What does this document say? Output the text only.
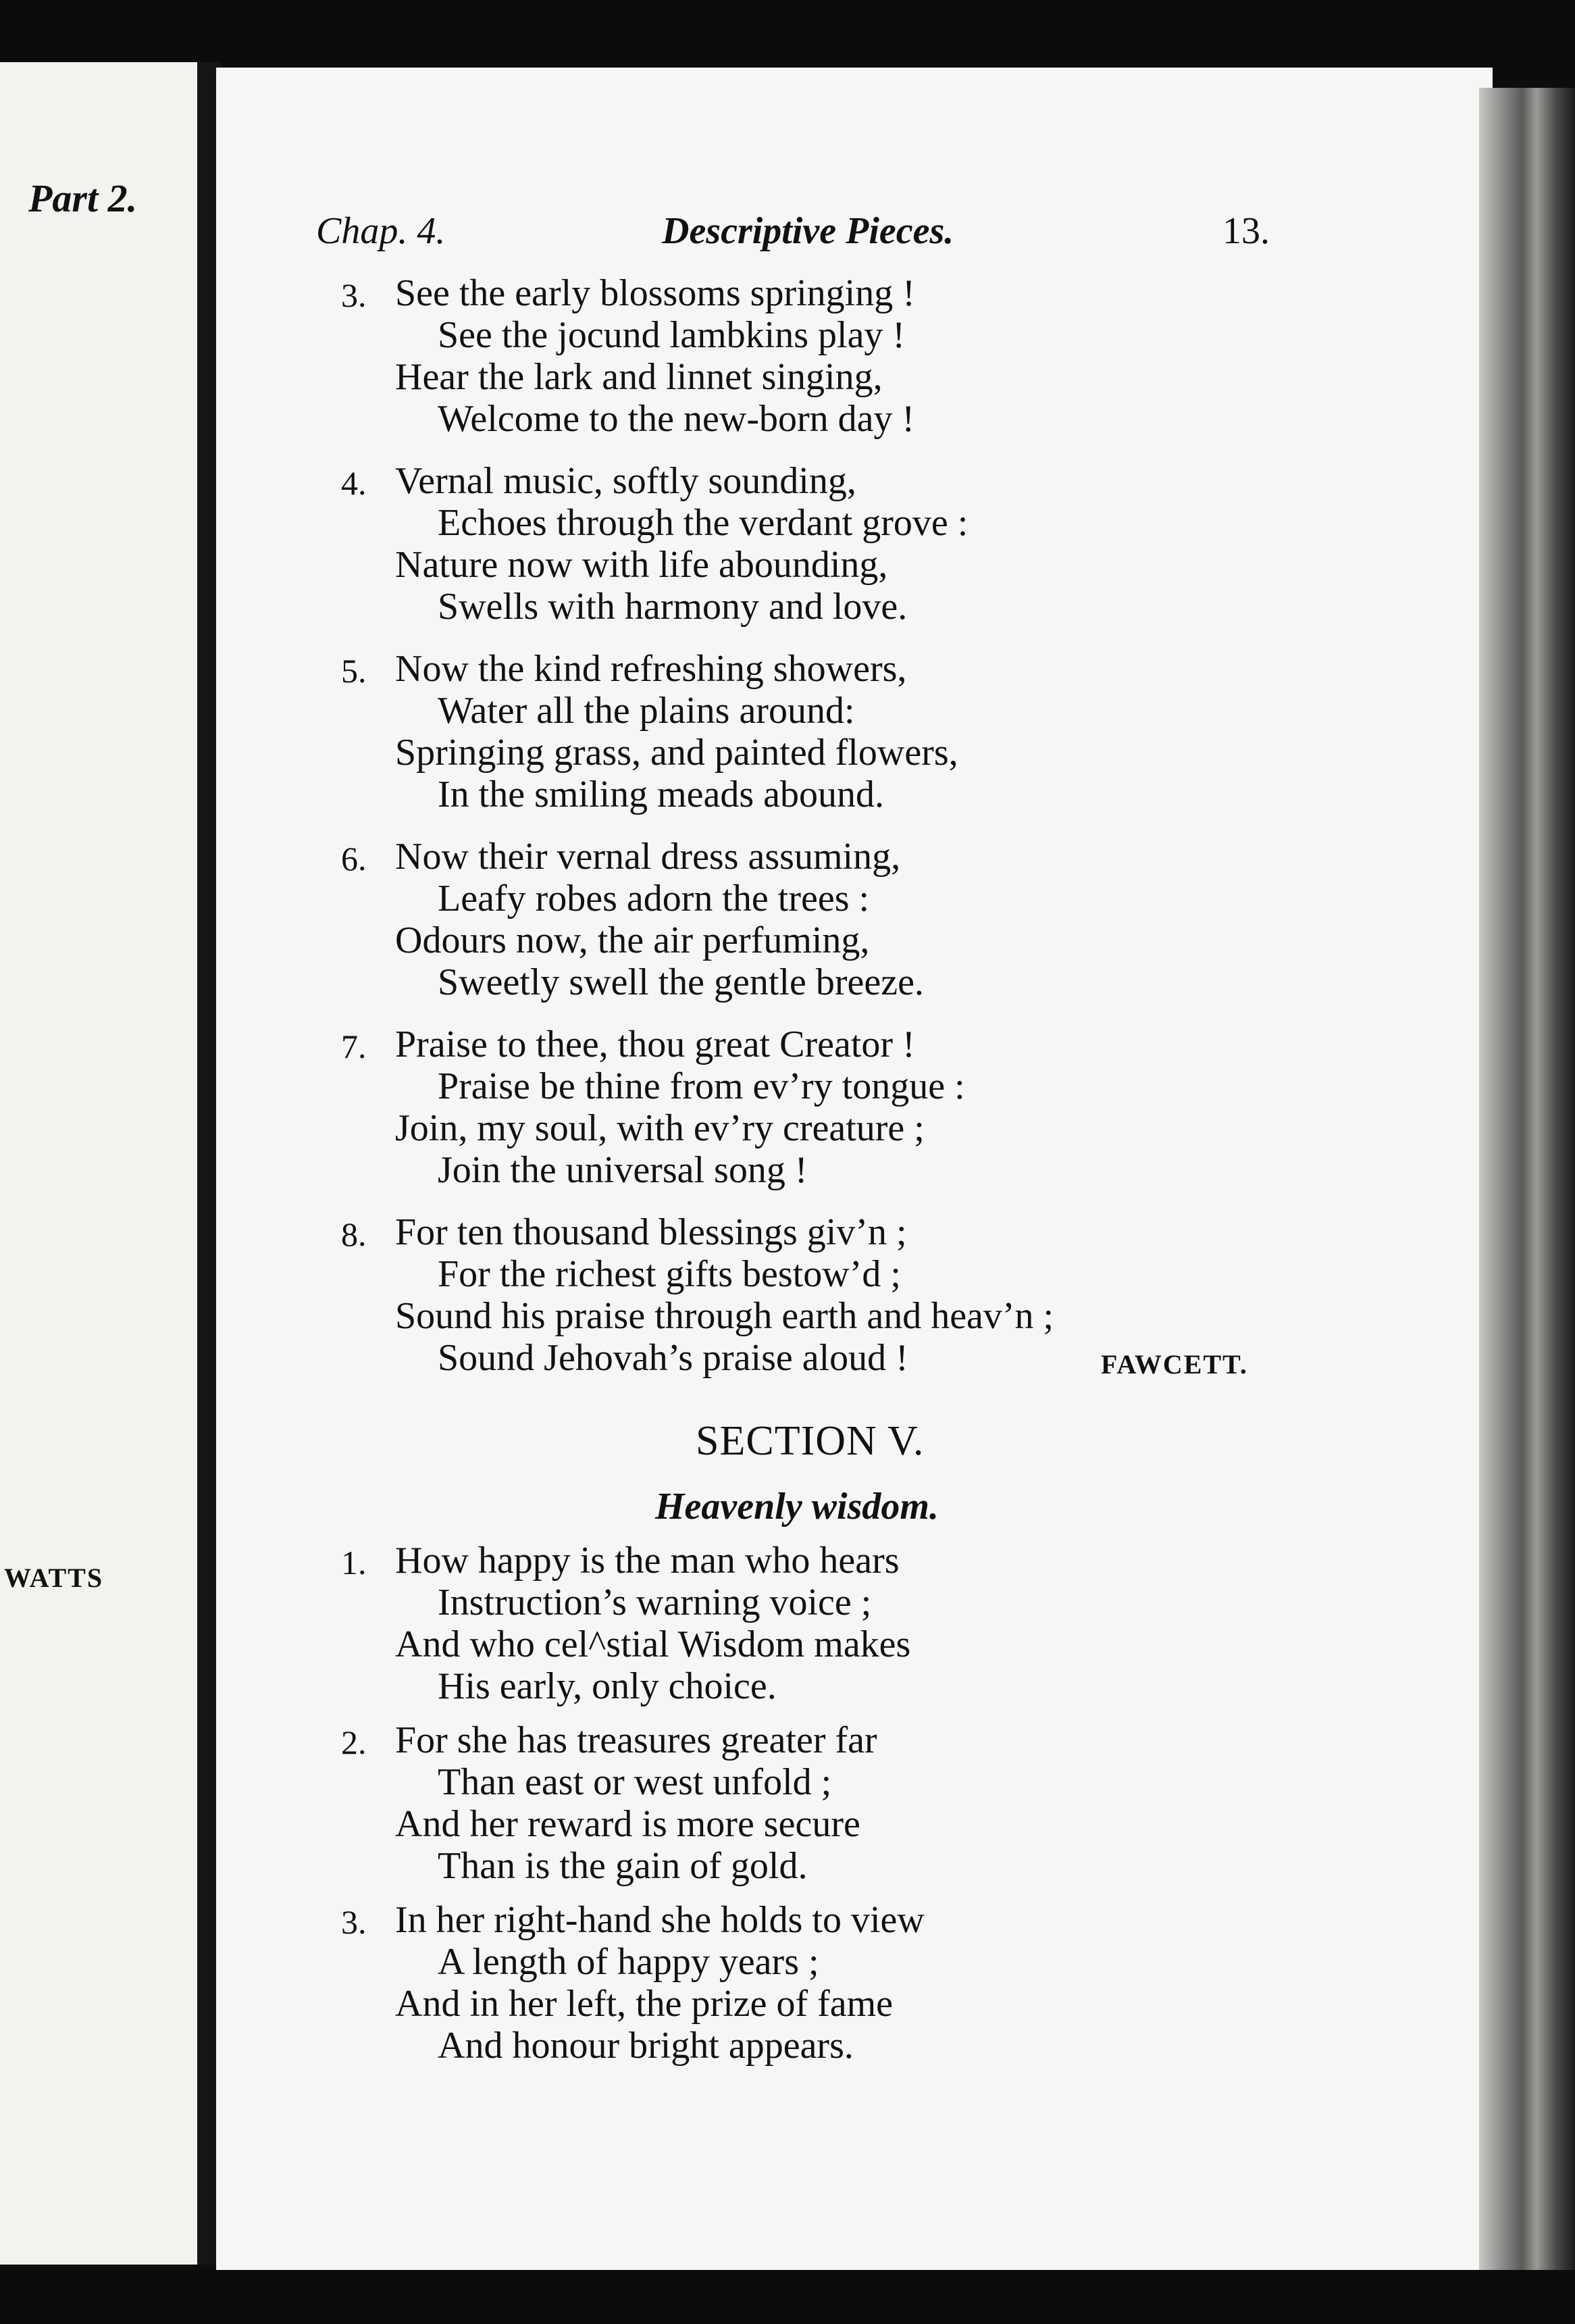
Part 2.
WATTS
Chap. 4.	Descriptive Pieces.	13.
3. See the early blossoms springing !
See the jocund lambkins play !
Hear the lark and linnet singing,
Welcome to the new-born day !
4. Vernal music, softly sounding,
Echoes through the verdant grove :
Nature now with life abounding,
Swells with harmony and love.
5. Now the kind refreshing showers,
Water all the plains around:
Springing grass, and painted flowers,
In the smiling meads abound.
6. Now their vernal dress assuming,
Leafy robes adorn the trees :
Odours now, the air perfuming,
Sweetly swell the gentle breeze.
7. Praise to thee, thou great Creator !
Praise be thine from ev’ry tongue :
Join, my soul, with ev’ry creature ;
Join the universal song !
8. For ten thousand blessings giv’n ;
For the richest gifts bestow’d ;
Sound his praise through earth and heav’n ;
Sound Jehovah’s praise aloud !
1. How happy is the man who hears
Instruction’s warning voice ;
And who cel^stial Wisdom makes
His early, only choice.
2. For she has treasures greater far
Than east or west unfold ;
And her reward is more secure
Than is the gain of gold.
3. In her right-hand she holds to view
A length of happy years ;
And in her left, the prize of fame
And honour bright appears.
FAWCETT.
SECTION V.
Heavenly wisdom.
